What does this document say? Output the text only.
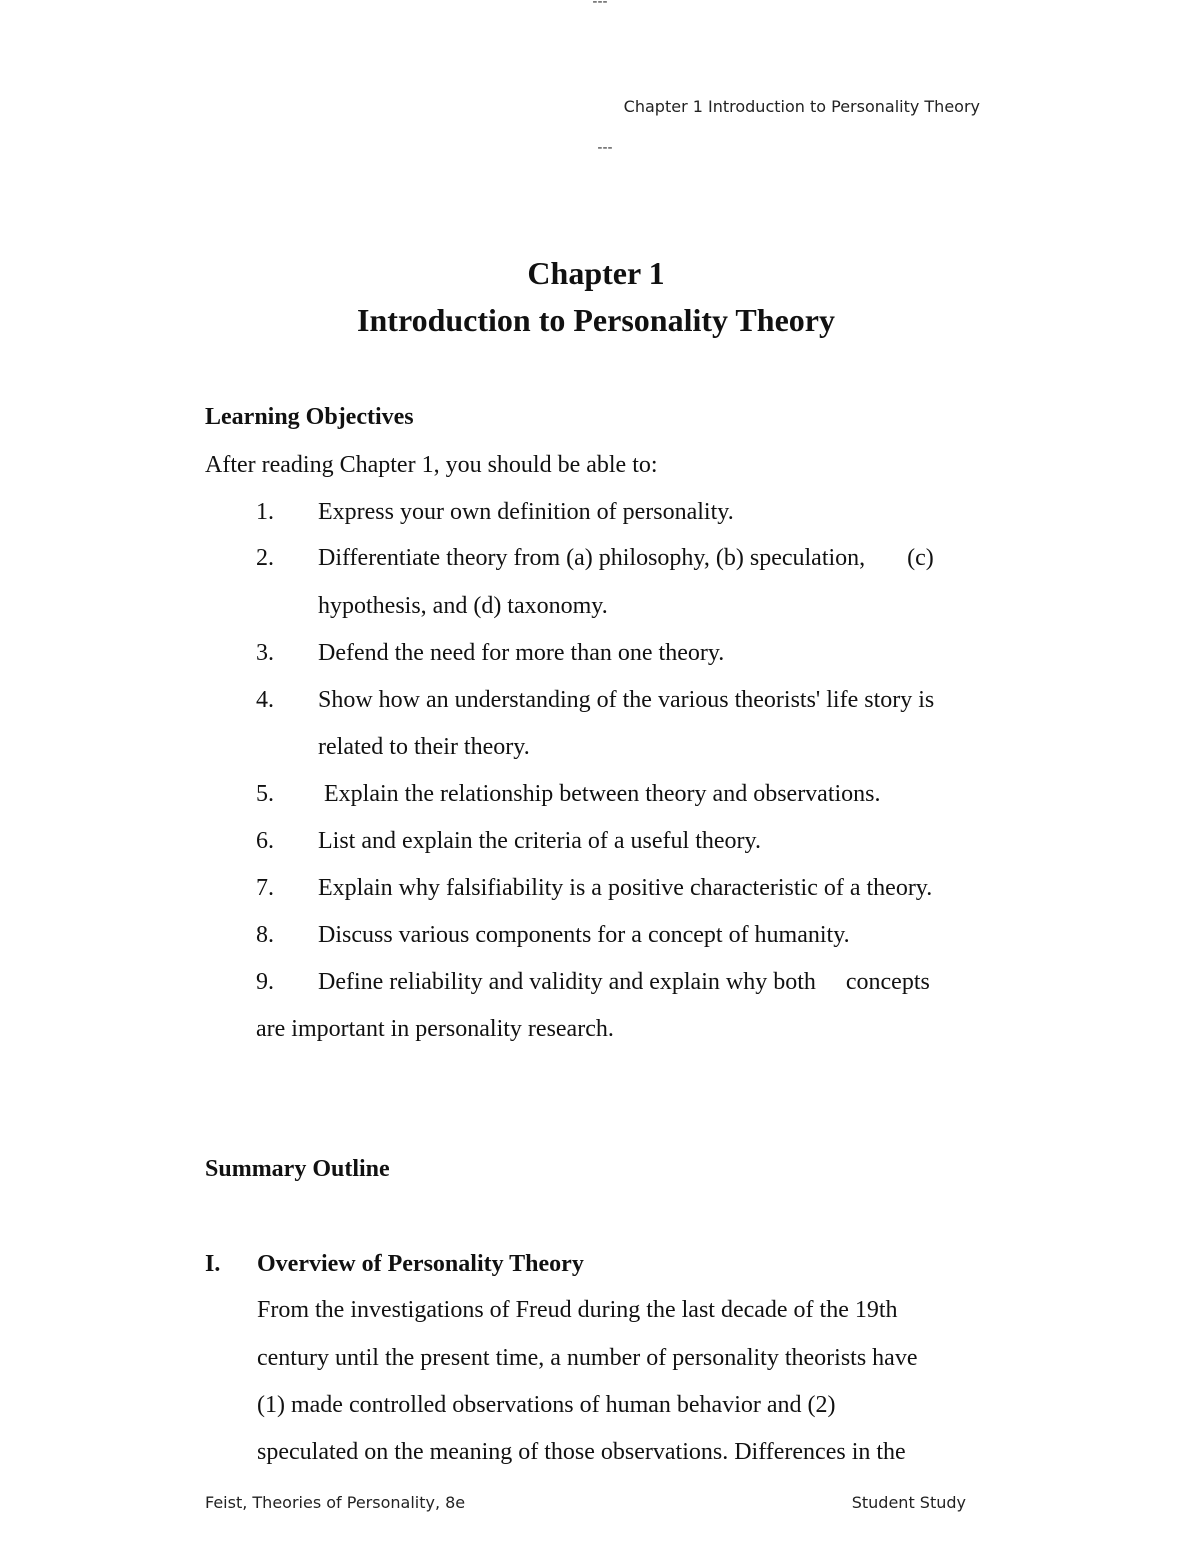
---
Chapter 1 Introduction to Personality Theory
---
Chapter 1
Introduction to Personality Theory
Learning Objectives
After reading Chapter 1, you should be able to:
1.	Express your own definition of personality.
2.	Differentiate theory from (a) philosophy, (b) speculation,       (c)
hypothesis, and (d) taxonomy.
3.	Defend the need for more than one theory.
4.	Show how an understanding of the various theorists' life story is
related to their theory.
5.	Explain the relationship between theory and observations.
6.	List and explain the criteria of a useful theory.
7.	Explain why falsifiability is a positive characteristic of a theory.
8.	Discuss various components for a concept of humanity.
9.	Define reliability and validity and explain why both     concepts
are important in personality research.
Summary Outline
I. Overview of Personality Theory
From the investigations of Freud during the last decade of the 19th
century until the present time, a number of personality theorists have
(1) made controlled observations of human behavior and (2)
speculated on the meaning of those observations. Differences in the
Feist, Theories of Personality, 8e	Student Study
